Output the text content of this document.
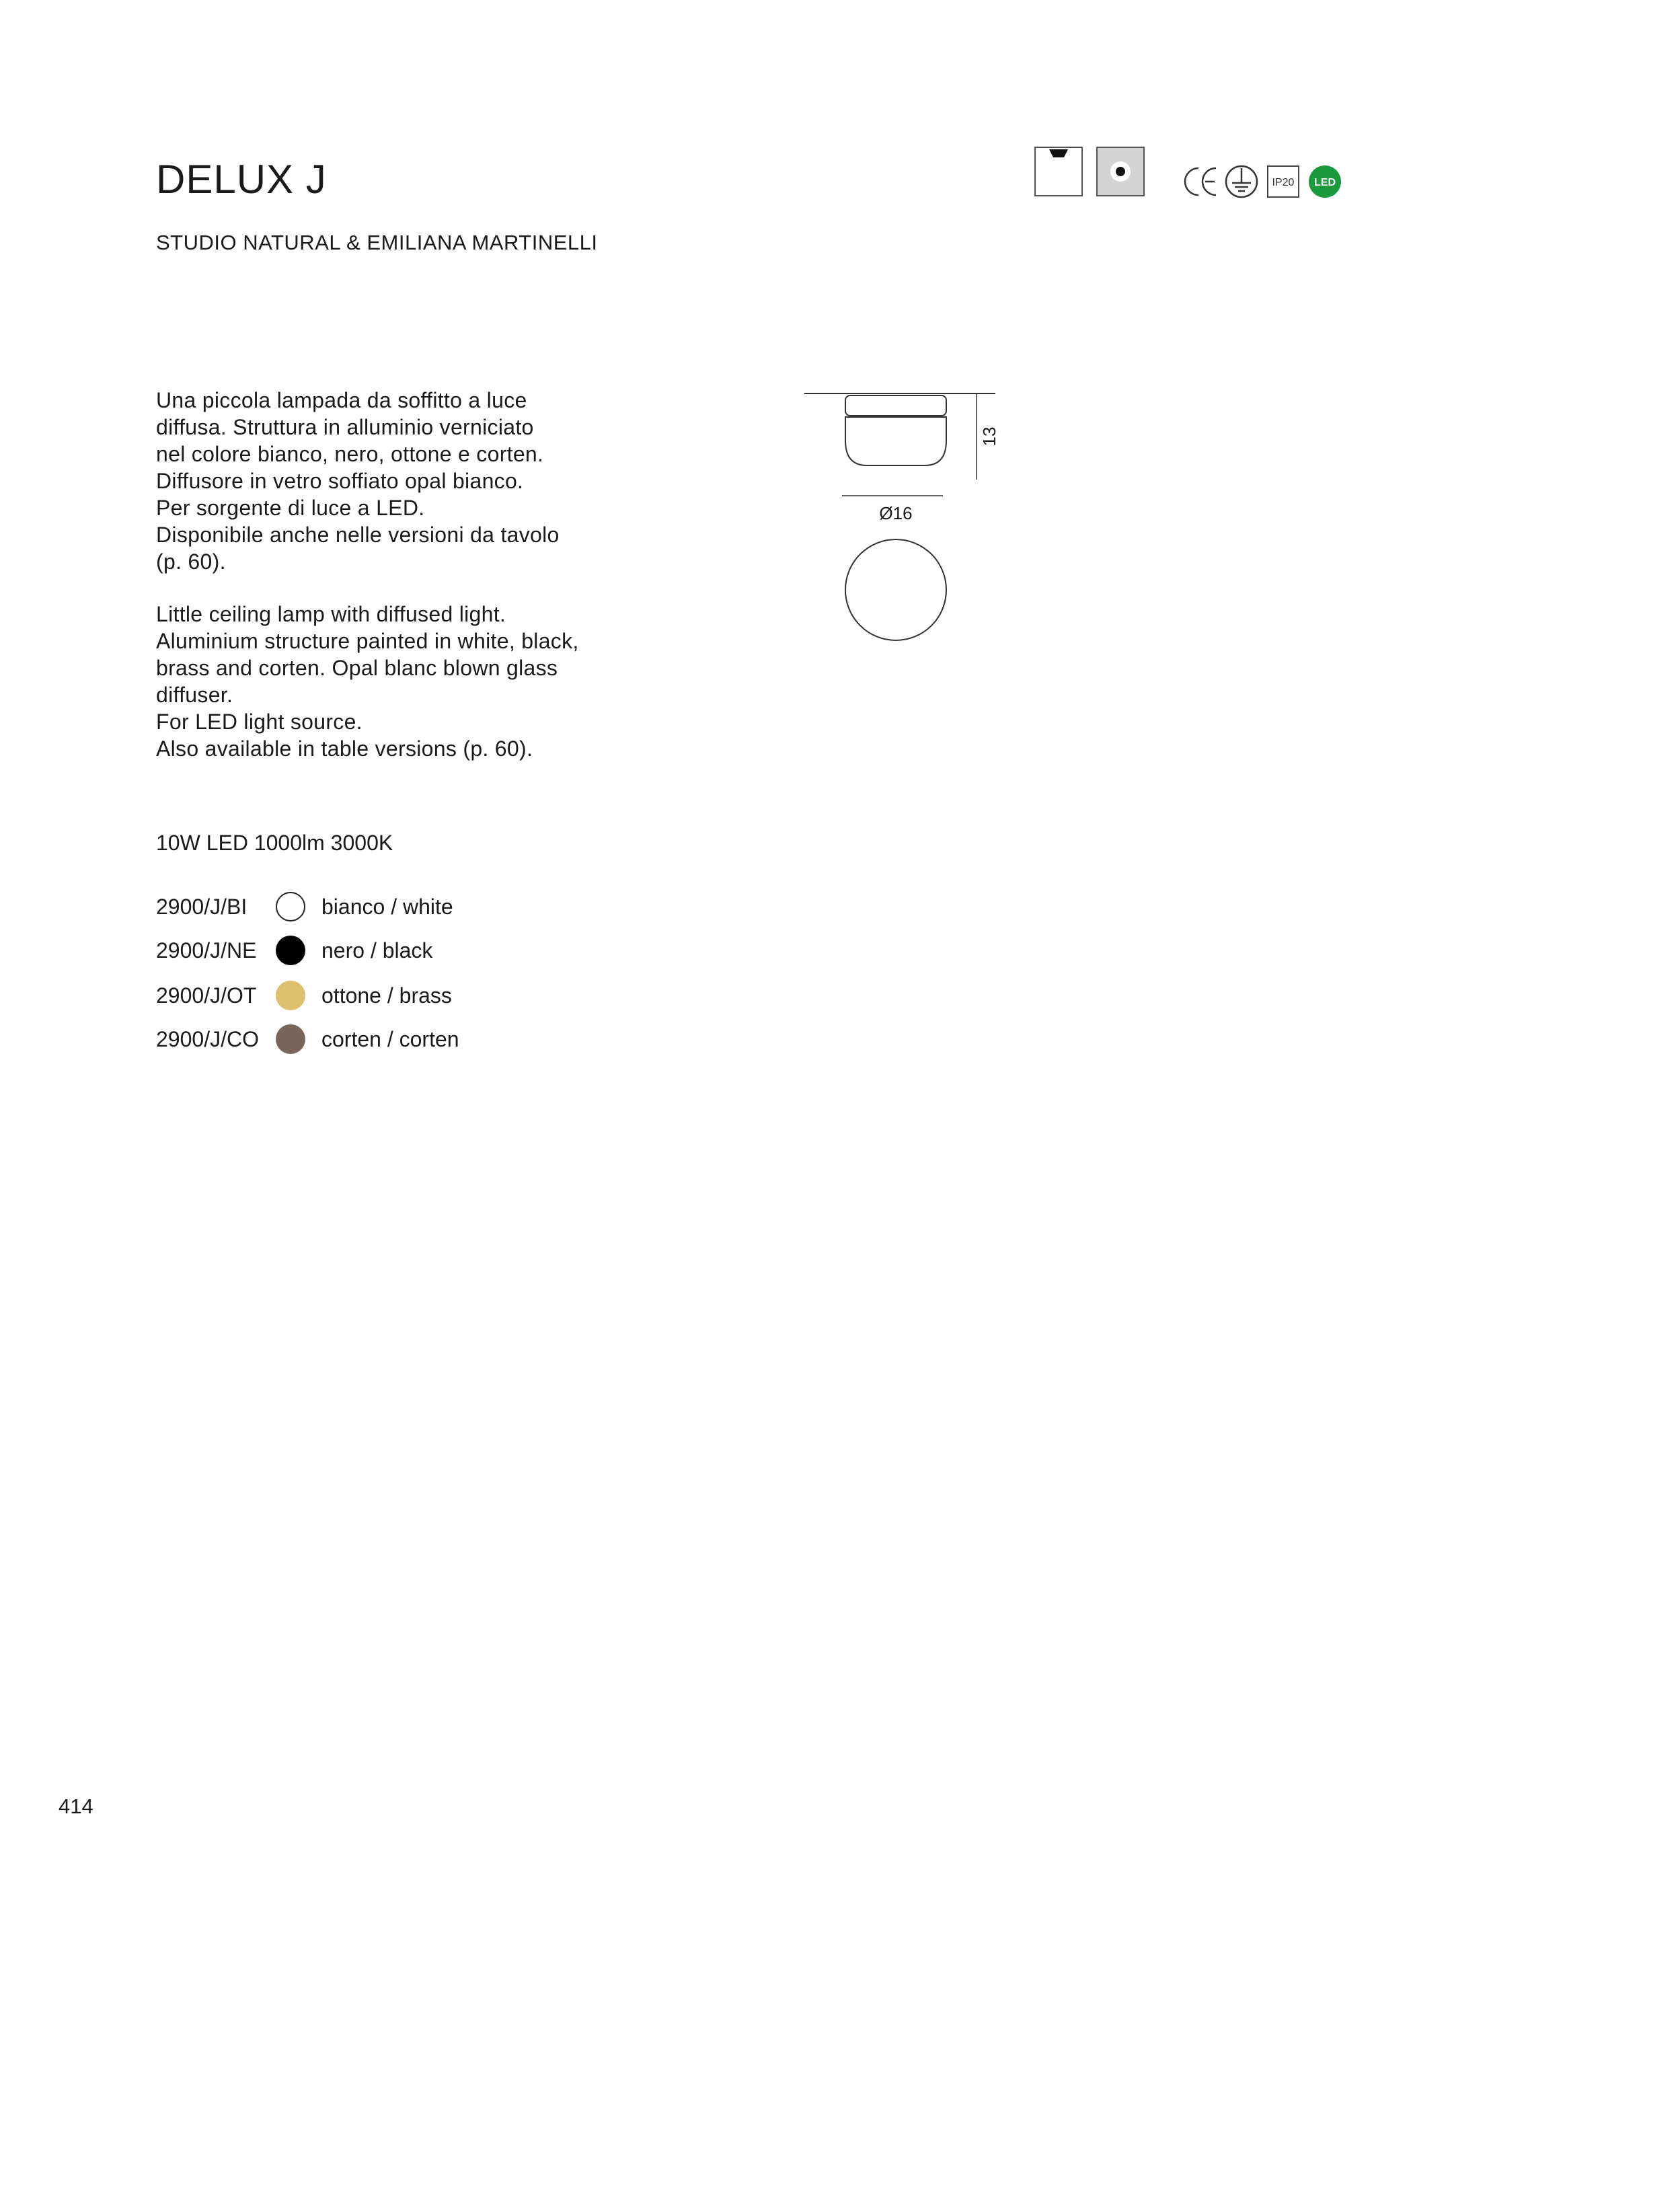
DELUX J
STUDIO NATURAL & EMILIANA MARTINELLI
IP20 LED
Una piccola lampada da soffitto a luce
diffusa. Struttura in alluminio verniciato
nel colore bianco, nero, ottone e corten.
Diffusore in vetro soffiato opal bianco.
Per sorgente di luce a LED.
Disponibile anche nelle versioni da tavolo
(p. 60).
Little ceiling lamp with diffused light.
Aluminium structure painted in white, black,
brass and corten. Opal blanc blown glass
diffuser.
For LED light source.
Also available in table versions (p. 60).
13
Ø16
10W LED 1000lm 3000K
2900/J/BI	bianco / white
2900/J/NE	nero / black
2900/J/OT	ottone / brass
2900/J/CO	corten / corten
414
